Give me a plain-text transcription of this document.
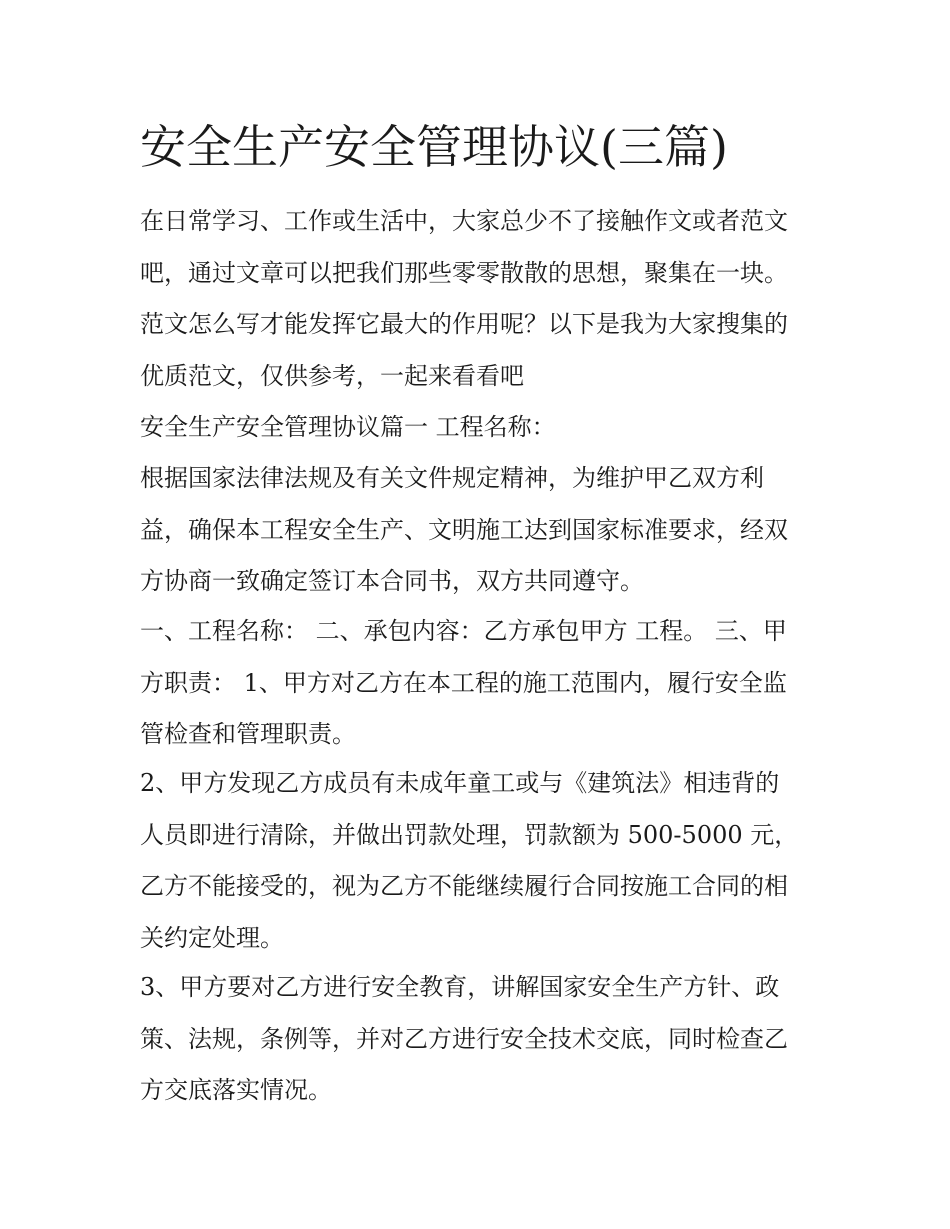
安全生产安全管理协议(三篇)
在日常学习、工作或生活中，大家总少不了接触作文或者范文
吧，通过文章可以把我们那些零零散散的思想，聚集在一块。
范文怎么写才能发挥它最大的作用呢？以下是我为大家搜集的
优质范文，仅供参考，一起来看看吧
安全生产安全管理协议篇一 工程名称：
根据国家法律法规及有关文件规定精神，为维护甲乙双方利
益，确保本工程安全生产、文明施工达到国家标准要求，经双
方协商一致确定签订本合同书，双方共同遵守。
一、工程名称： 二、承包内容：乙方承包甲方 工程。 三、甲
方职责： 1、甲方对乙方在本工程的施工范围内，履行安全监
管检查和管理职责。
2、甲方发现乙方成员有未成年童工或与《建筑法》相违背的
人员即进行清除，并做出罚款处理，罚款额为 500-5000 元，
乙方不能接受的，视为乙方不能继续履行合同按施工合同的相
关约定处理。
3、甲方要对乙方进行安全教育，讲解国家安全生产方针、政
策、法规，条例等，并对乙方进行安全技术交底，同时检查乙
方交底落实情况。
